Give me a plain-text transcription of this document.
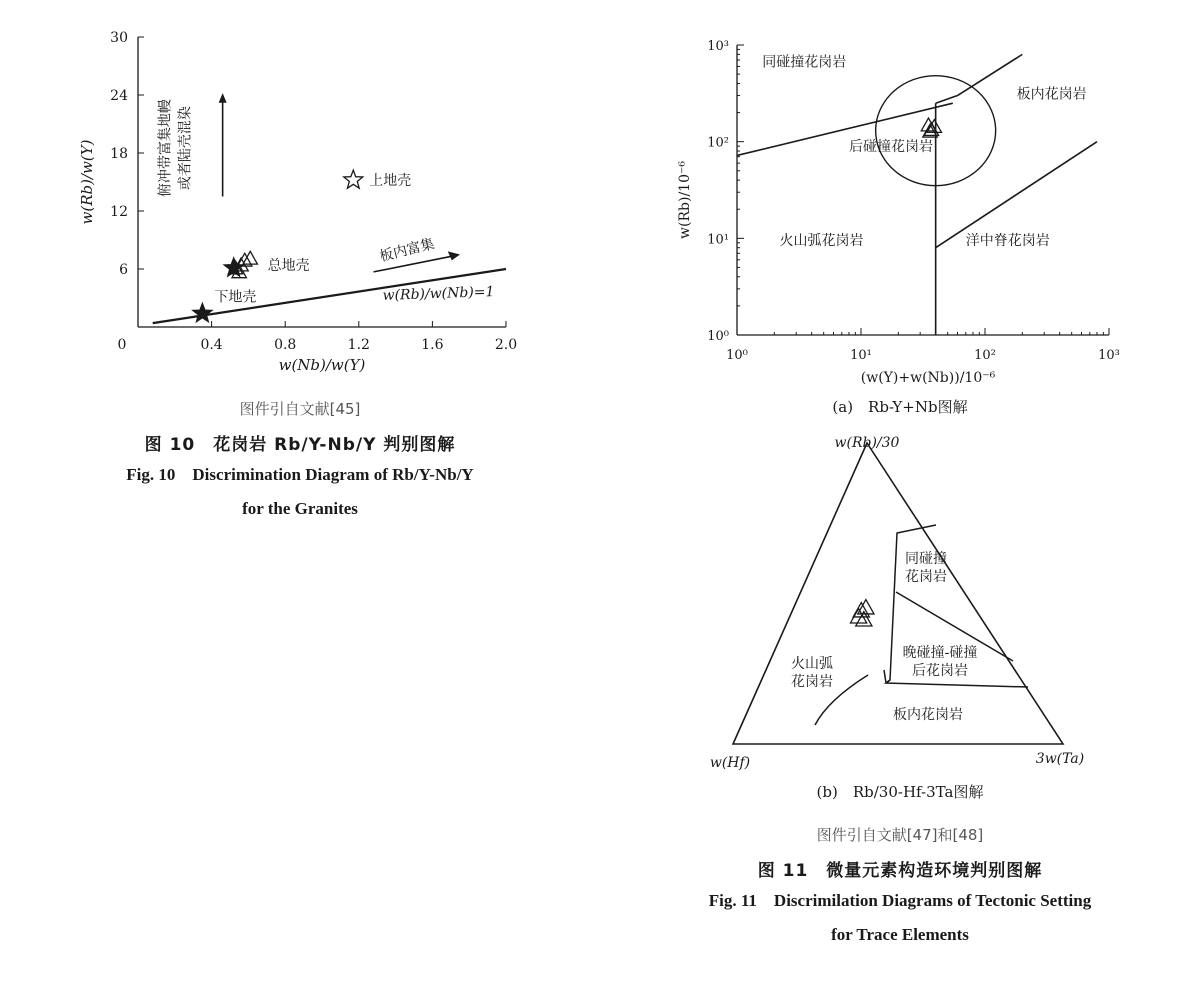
w(Nb)/w(Y)
w(Rb)/w(Y)
0	0.4	0.8	1.2	1.6	2.0
6
12
18
24
30
w(Rb)/w(Nb)=1
板内富集
俯冲带富集地幔 或者陆壳混染	上地壳
总地壳
下地壳
图件引自文献[45]
图 10　花岗岩 Rb/Y-Nb/Y 判别图解
Fig. 10　Discrimination Diagram of Rb/Y-Nb/Y
for the Granites
(w(Y)+w(Nb))/10⁻⁶
w(Rb)/10⁻⁶
10⁰	10¹	10²	10³
10⁰
10¹
10²
10³
同碰撞花岗岩
板内花岗岩
后碰撞花岗岩
火山弧花岗岩	洋中脊花岗岩
(a)　Rb-Y+Nb图解
w(Rb)/30
w(Hf)	3w(Ta)
同碰撞
花岗岩
晚碰撞-碰撞
后花岗岩
火山弧
花岗岩
板内花岗岩
(b)　Rb/30-Hf-3Ta图解
图件引自文献[47]和[48]
图 11　微量元素构造环境判别图解
Fig. 11　Discrimilation Diagrams of Tectonic Setting
for Trace Elements
